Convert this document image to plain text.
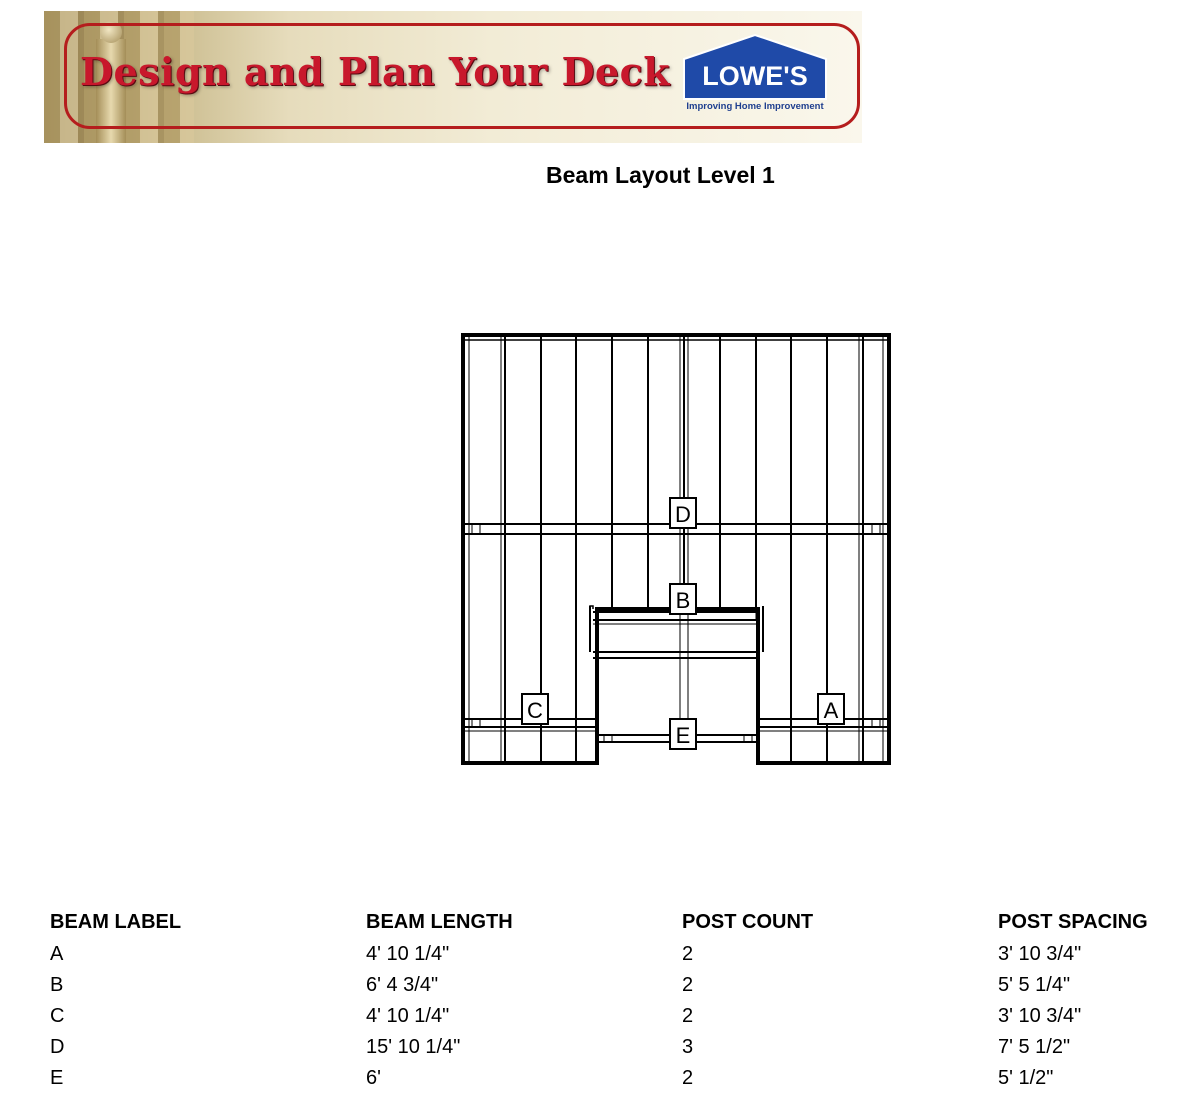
Design and Plan Your Deck	LOWE'S
Improving Home Improvement
Beam Layout Level 1
D
B
C	A
E
BEAM LABEL	BEAM LENGTH	POST COUNT	POST SPACING
A	4' 10 1/4"	2	3' 10 3/4"
B	6' 4 3/4"	2	5' 5 1/4"
C	4' 10 1/4"	2	3' 10 3/4"
D	15' 10 1/4"	3	7' 5 1/2"
E	6'	2	5' 1/2"
